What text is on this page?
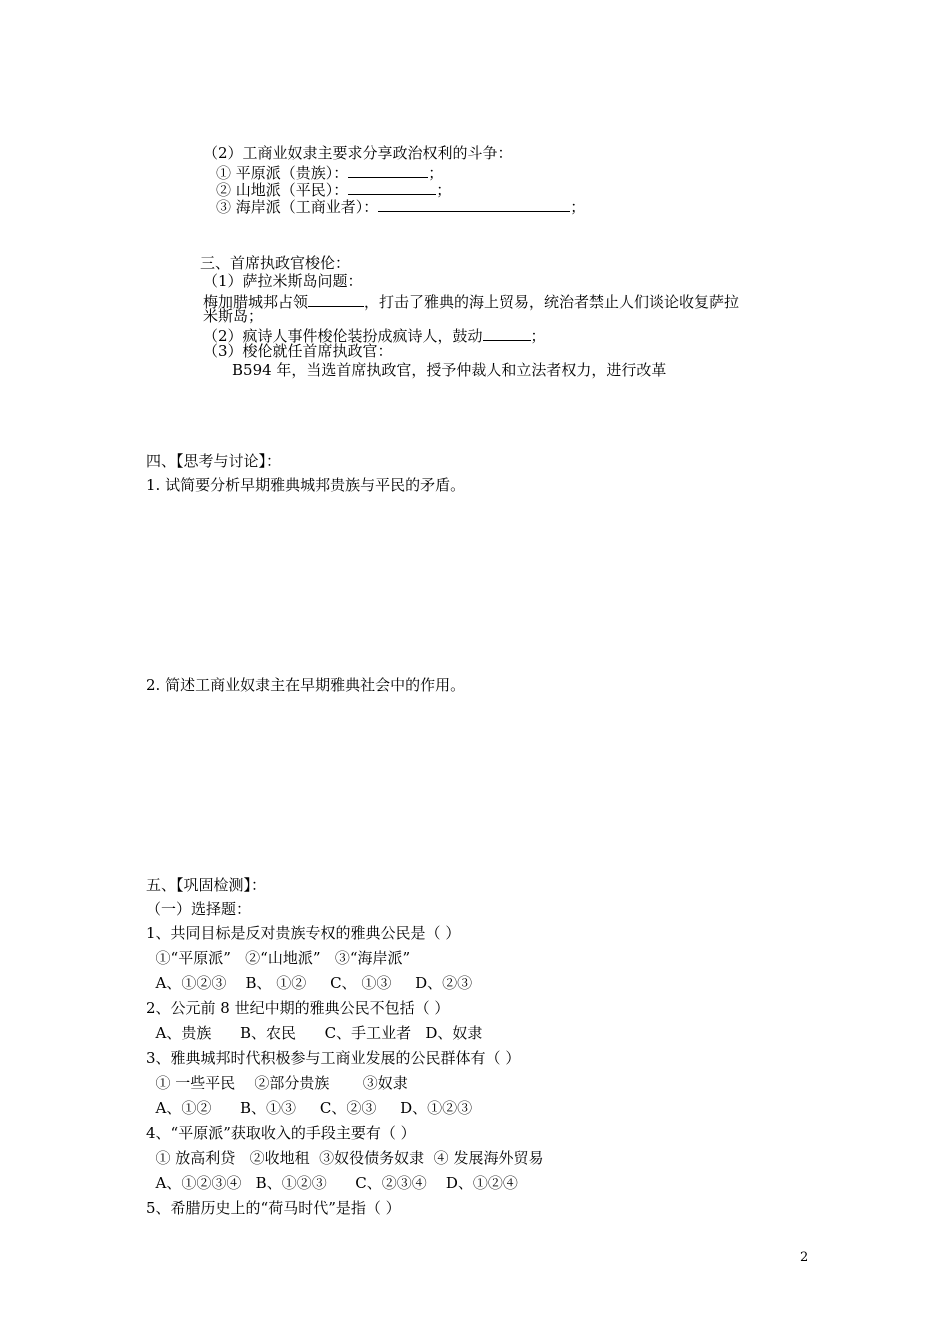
（2）工商业奴隶主要求分享政治权利的斗争：
① 平原派（贵族）：	；
② 山地派（平民）：	；
③ 海岸派（工商业者）：	；
三、首席执政官梭伦：
（1）萨拉米斯岛问题：
梅加腊城邦占领	，打击了雅典的海上贸易，统治者禁止人们谈论收复萨拉
米斯岛；
（2）疯诗人事件梭伦装扮成疯诗人，鼓动	；
（3）梭伦就任首席执政官：
B594 年，当选首席执政官，授予仲裁人和立法者权力，进行改革
四、【思考与讨论】：
1. 试简要分析早期雅典城邦贵族与平民的矛盾。
2. 简述工商业奴隶主在早期雅典社会中的作用。
五、【巩固检测】：
（一）选择题：
1、共同目标是反对贵族专权的雅典公民是（ ）
①“平原派”   ②“山地派”   ③“海岸派”
A、①②③    B、 ①②     C、 ①③     D、②③
2、公元前 8 世纪中期的雅典公民不包括（ ）
A、贵族      B、农民      C、手工业者   D、奴隶
3、雅典城邦时代积极参与工商业发展的公民群体有（ ）
① 一些平民    ②部分贵族       ③奴隶
A、①②      B、①③     C、②③     D、①②③
4、“平原派”获取收入的手段主要有（ ）
① 放高利贷   ②收地租  ③奴役债务奴隶  ④ 发展海外贸易
A、①②③④   B、①②③      C、②③④    D、①②④
5、希腊历史上的“荷马时代”是指（ ）
2
